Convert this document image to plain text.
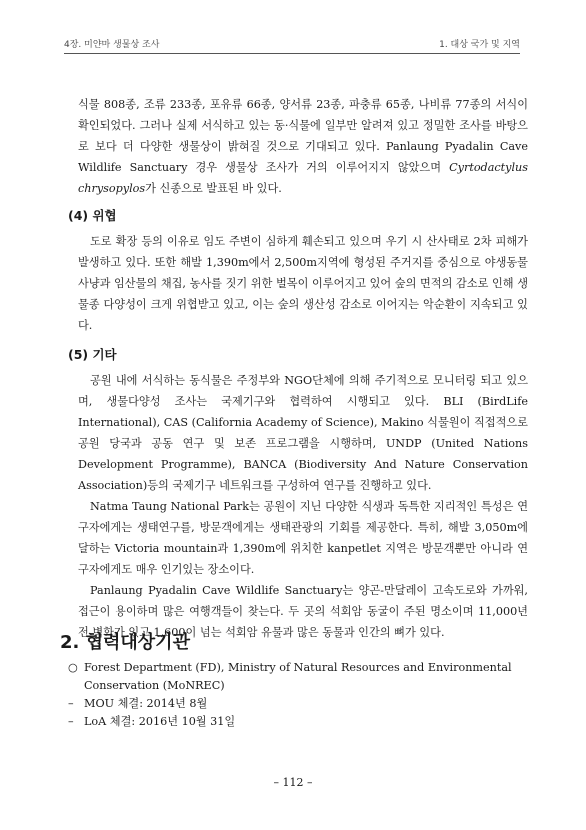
4장. 미얀마 생물상 조사	1. 대상 국가 및 지역

식물 808종, 조류 233종, 포유류 66종, 양서류 23종, 파충류 65종, 나비류 77종의 서식이 확인되었다. 그러나 실제 서식하고 있는 동·식물에 일부만 알려져 있고 정밀한 조사를 바탕으로 보다 더 다양한 생물상이 밝혀질 것으로 기대되고 있다. Panlaung Pyadalin Cave Wildlife Sanctuary 경우 생물상 조사가 거의 이루어지지 않았으며 Cyrtodactylus chrysopylos가 신종으로 발표된 바 있다.

(4) 위협

도로 확장 등의 이유로 임도 주변이 심하게 훼손되고 있으며 우기 시 산사태로 2차 피해가 발생하고 있다. 또한 해발 1,390m에서 2,500m지역에 형성된 주거지를 중심으로 야생동물 사냥과 임산물의 채집, 농사를 짓기 위한 벌목이 이루어지고 있어 숲의 면적의 감소로 인해 생물종 다양성이 크게 위협받고 있고, 이는 숲의 생산성 감소로 이어지는 악순환이 지속되고 있다.

(5) 기타

공원 내에 서식하는 동식물은 주정부와 NGO단체에 의해 주기적으로 모니터링 되고 있으며, 생물다양성 조사는 국제기구와 협력하여 시행되고 있다. BLI (BirdLife International), CAS (California Academy of Science), Makino 식물원이 직접적으로 공원 당국과 공동 연구 및 보존 프로그램을 시행하며, UNDP (United Nations Development Programme), BANCA (Biodiversity And Nature Conservation Association)등의 국제기구 네트워크를 구성하여 연구를 진행하고 있다.

Natma Taung National Park는 공원이 지닌 다양한 식생과 독특한 지리적인 특성은 연구자에게는 생태연구를, 방문객에게는 생태관광의 기회를 제공한다. 특히, 해발 3,050m에 달하는 Victoria mountain과 1,390m에 위치한 kanpetlet 지역은 방문객뿐만 아니라 연구자에게도 매우 인기있는 장소이다.

Panlaung Pyadalin Cave Wildlife Sanctuary는 양곤-만달레이 고속도로와 가까워, 접근이 용이하며 많은 여행객들이 찾는다. 두 곳의 석회암 동굴이 주된 명소이며 11,000년 전 벽화가 있고 1,600이 넘는 석회암 유물과 많은 동물과 인간의 뼈가 있다.

2. 협력대상기관
○ Forest Department (FD), Ministry of Natural Resources and Environmental Conservation (MoNREC)
– MOU 체결: 2014년 8월
– LoA 체결: 2016년 10월 31일
– 112 –
